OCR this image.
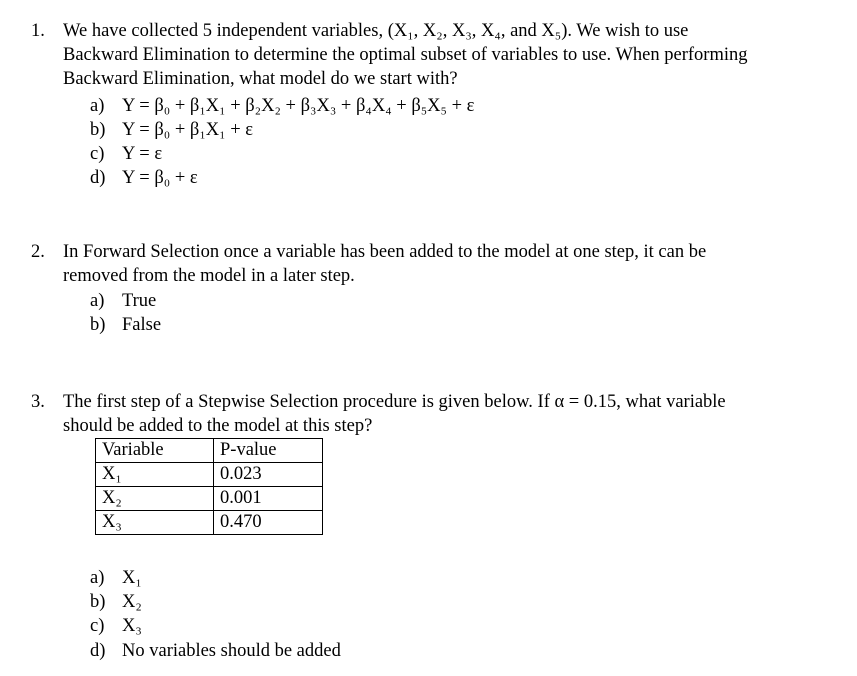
1. We have collected 5 independent variables, (X₁, X₂, X₃, X₄, and X₅). We wish to use
Backward Elimination to determine the optimal subset of variables to use. When performing
Backward Elimination, what model do we start with?
a) Y = β₀ + β₁X₁ + β₂X₂ + β₃X₃ + β₄X₄ + β₅X₅ + ε
b) Y = β₀ + β₁X₁ + ε
c) Y = ε
d) Y = β₀ + ε
2. In Forward Selection once a variable has been added to the model at one step, it can be
removed from the model in a later step.
a) True
b) False
3. The first step of a Stepwise Selection procedure is given below. If α = 0.15, what variable
should be added to the model at this step?
Variable	P-value
X₁	0.023
X₂	0.001
X₃	0.470
a) X₁
b) X₂
c) X₃
d) No variables should be added
